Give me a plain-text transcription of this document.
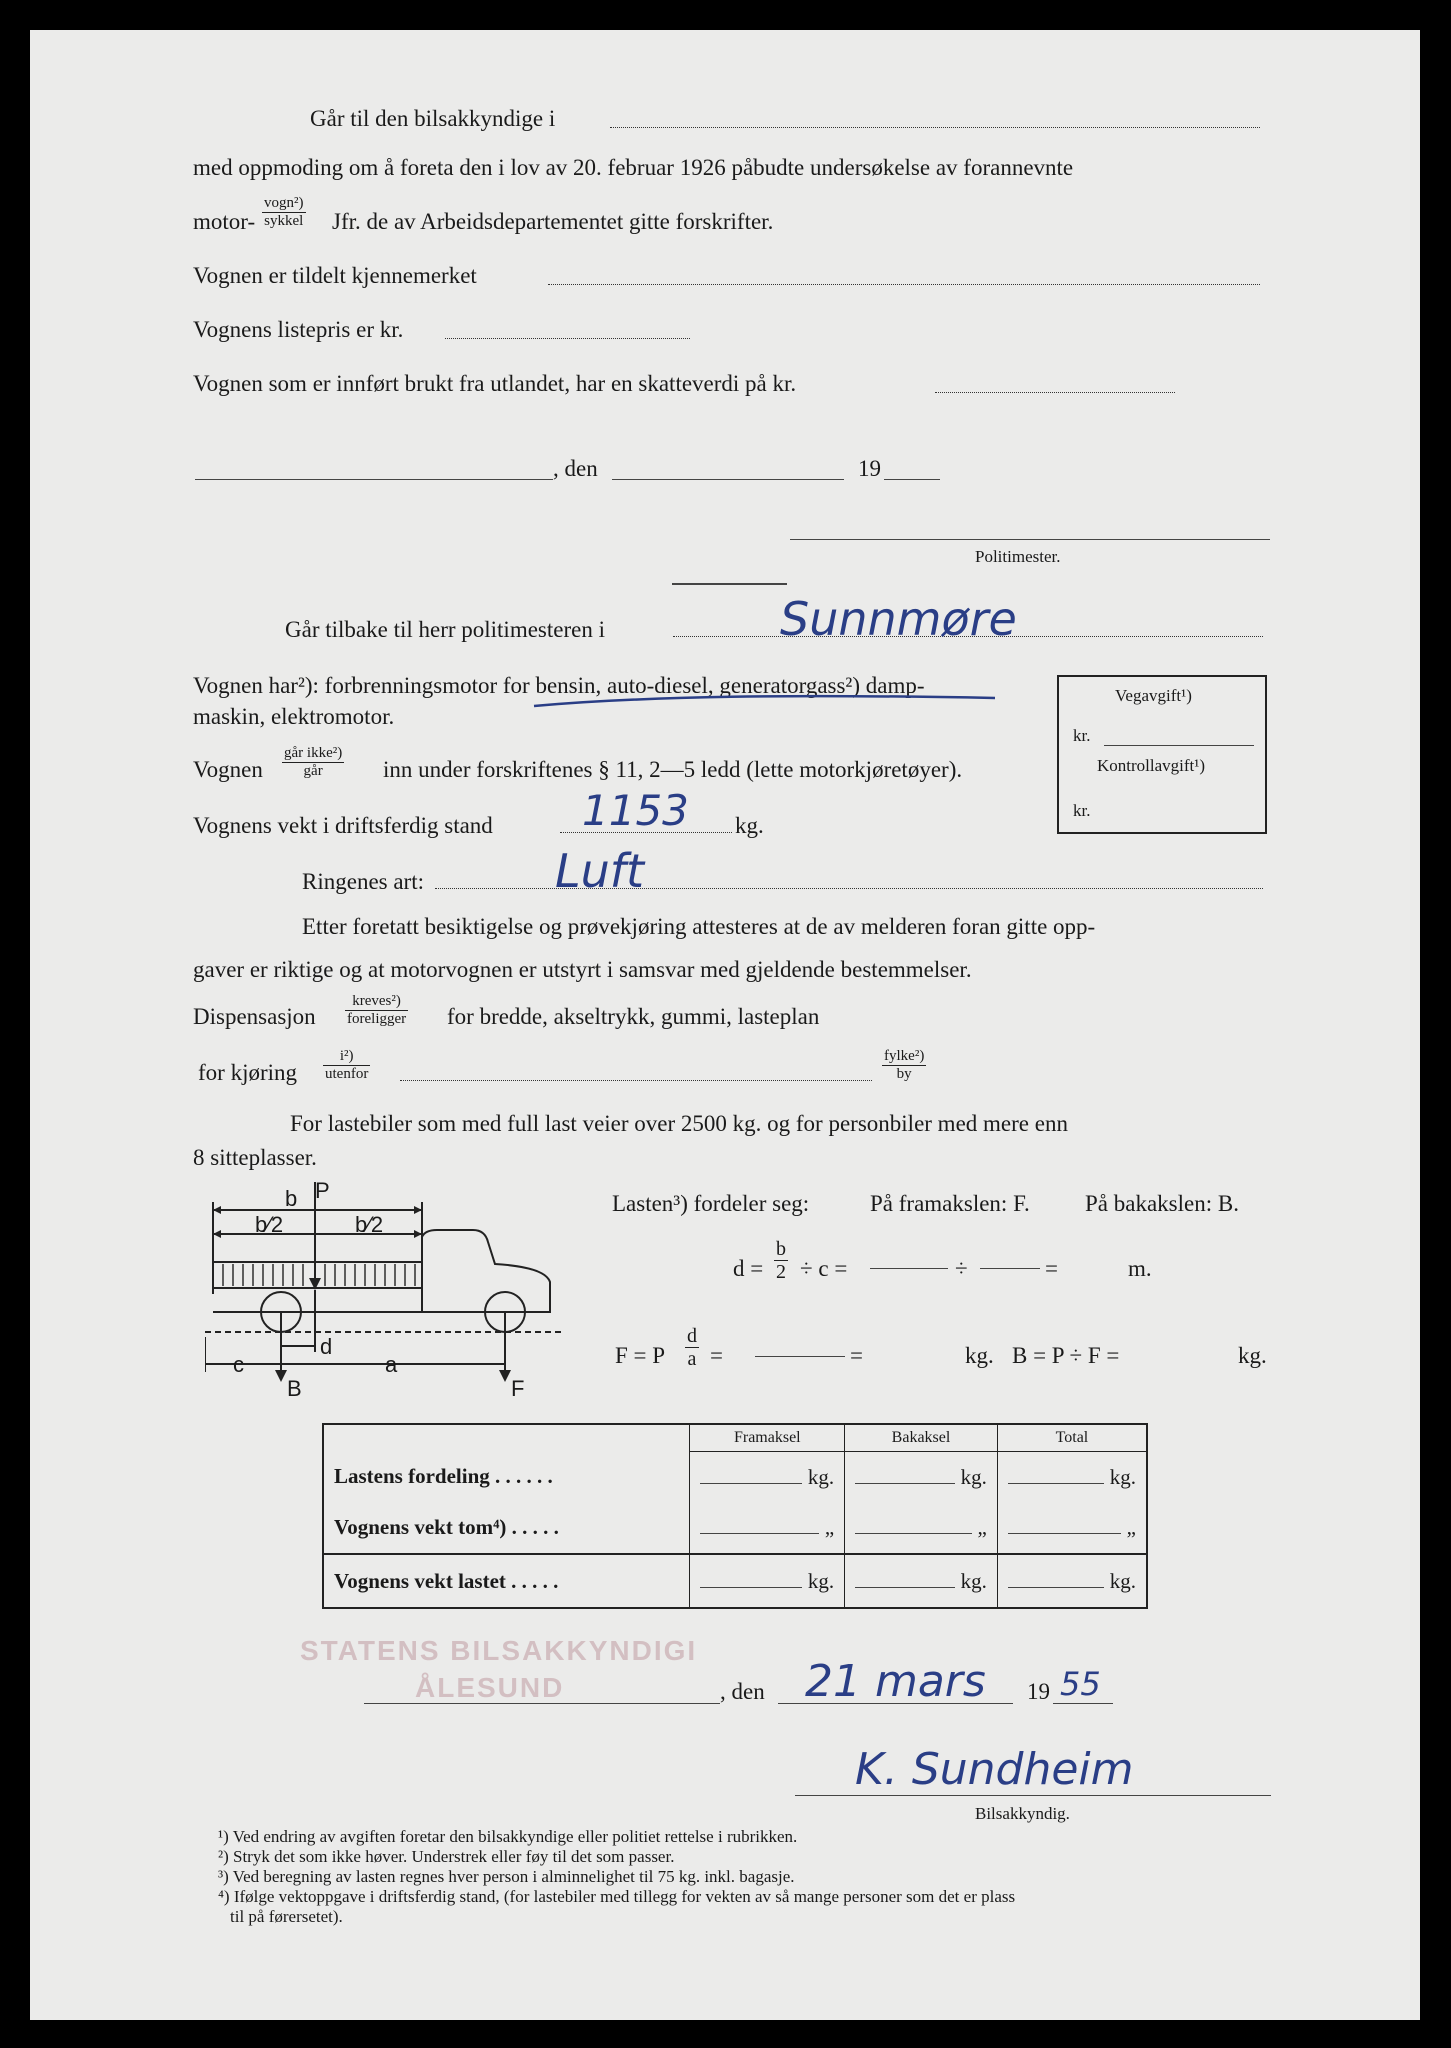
Går til den bilsakkyndige i
med oppmoding om å foreta den i lov av 20. februar 1926 påbudte undersøkelse av forannevnte
motor-
vogn²)
sykkel Jfr. de av Arbeidsdepartementet gitte forskrifter.
Vognen er tildelt kjennemerket
Vognens listepris er kr.
Vognen som er innført brukt fra utlandet, har en skatteverdi på kr.
, den	19
Politimester.
Går tilbake til herr politimesteren i	Sunnmøre
Vognen har²): forbrenningsmotor for bensin, auto-diesel, generatorgass²) damp-
maskin, elektromotor.
Vegavgift¹)
kr.
Kontrollavgift¹)
kr.
Vognen
går ikke²)
går	inn under forskriftenes § 11, 2—5 ledd (lette motorkjøretøyer).
Vognens vekt i driftsferdig stand	kg.
1153
Ringenes art:	Luft
Etter foretatt besiktigelse og prøvekjøring attesteres at de av melderen foran gitte opp-
gaver er riktige og at motorvognen er utstyrt i samsvar med gjeldende bestemmelser.
Dispensasjon
kreves²)
foreligger for bredde, akseltrykk, gummi, lasteplan
for kjøring
i²)
utenfor
fylke²)
by
For lastebiler som med full last veier over 2500 kg. og for personbiler med mere enn
8 sitteplasser.
P
b
b⁄2	b⁄2
d
c	a
B	F
Lasten³) fordeler seg:	På framakslen: F. På bakakslen: B.
$d = \frac{b}{2} \div c$ =	÷	=	m.
F = P $\frac{d}{a}$ =	=	kg. B = P ÷ F =	kg.
	Framaksel	Bakaksel	Total
Lastens fordeling . . . . . .	kg.	kg.	kg.

Vognens vekt tom⁴) . . . . .	„	„	„

Vognens vekt lastet . . . . .	kg.	kg.	kg.
STATENS BILSAKKYNDIGI
ÅLESUND	, den 21 mars 19 55
K. Sundheim
Bilsakkyndig.
¹) Ved endring av avgiften foretar den bilsakkyndige eller politiet rettelse i rubrikken.
²) Stryk det som ikke høver. Understrek eller føy til det som passer.
³) Ved beregning av lasten regnes hver person i alminnelighet til 75 kg. inkl. bagasje.
⁴) Ifølge vektoppgave i driftsferdig stand, (for lastebiler med tillegg for vekten av så mange personer som det er plass
til på førersetet).
